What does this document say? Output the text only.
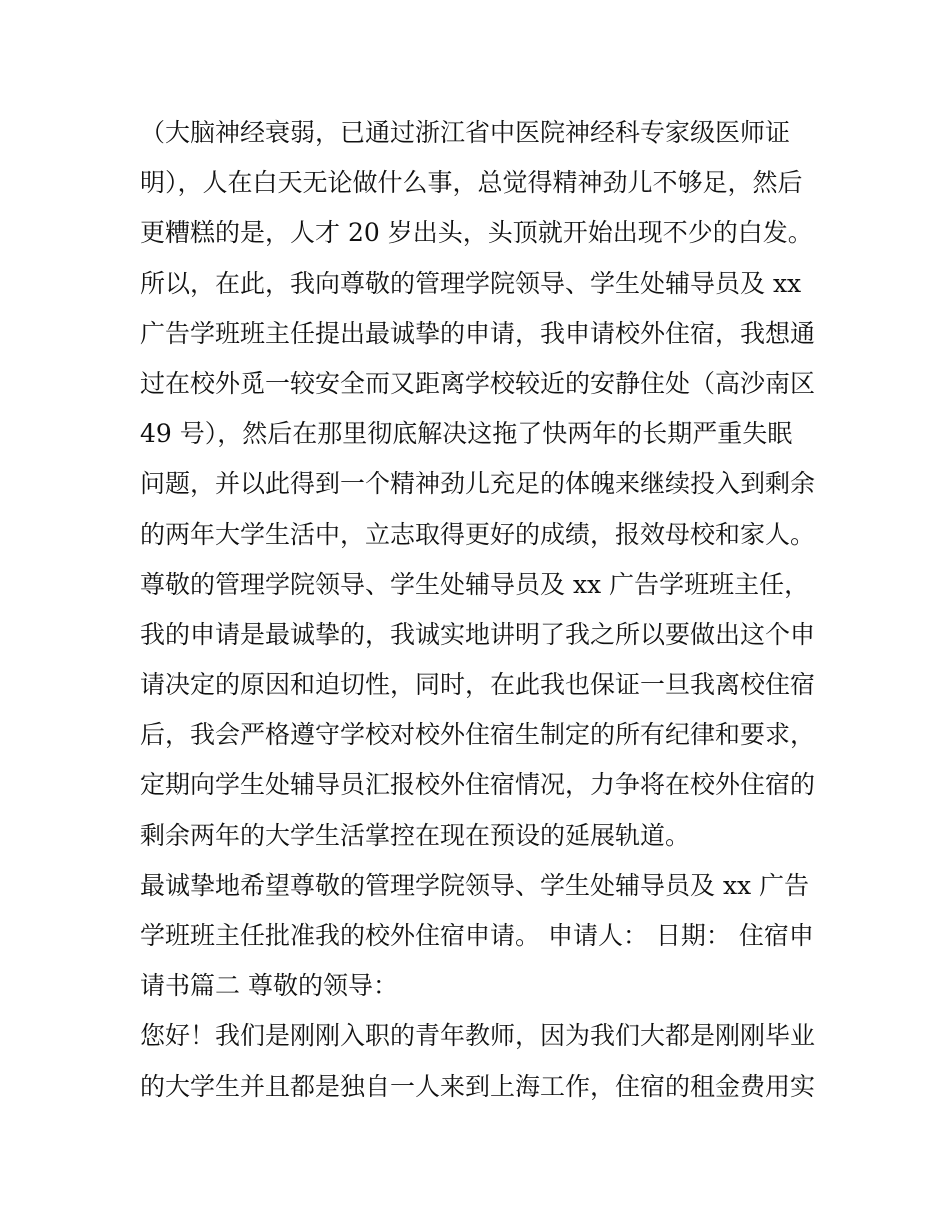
（大脑神经衰弱，已通过浙江省中医院神经科专家级医师证
明），人在白天无论做什么事，总觉得精神劲儿不够足，然后
更糟糕的是，人才 20 岁出头，头顶就开始出现不少的白发。
所以，在此，我向尊敬的管理学院领导、学生处辅导员及 xx
广告学班班主任提出最诚挚的申请，我申请校外住宿，我想通
过在校外觅一较安全而又距离学校较近的安静住处（高沙南区
49 号），然后在那里彻底解决这拖了快两年的长期严重失眠
问题，并以此得到一个精神劲儿充足的体魄来继续投入到剩余
的两年大学生活中，立志取得更好的成绩，报效母校和家人。
尊敬的管理学院领导、学生处辅导员及 xx 广告学班班主任，
我的申请是最诚挚的，我诚实地讲明了我之所以要做出这个申
请决定的原因和迫切性，同时，在此我也保证一旦我离校住宿
后，我会严格遵守学校对校外住宿生制定的所有纪律和要求，
定期向学生处辅导员汇报校外住宿情况，力争将在校外住宿的
剩余两年的大学生活掌控在现在预设的延展轨道。
最诚挚地希望尊敬的管理学院领导、学生处辅导员及 xx 广告
学班班主任批准我的校外住宿申请。 申请人： 日期： 住宿申
请书篇二 尊敬的领导：
您好！我们是刚刚入职的青年教师，因为我们大都是刚刚毕业
的大学生并且都是独自一人来到上海工作，住宿的租金费用实
